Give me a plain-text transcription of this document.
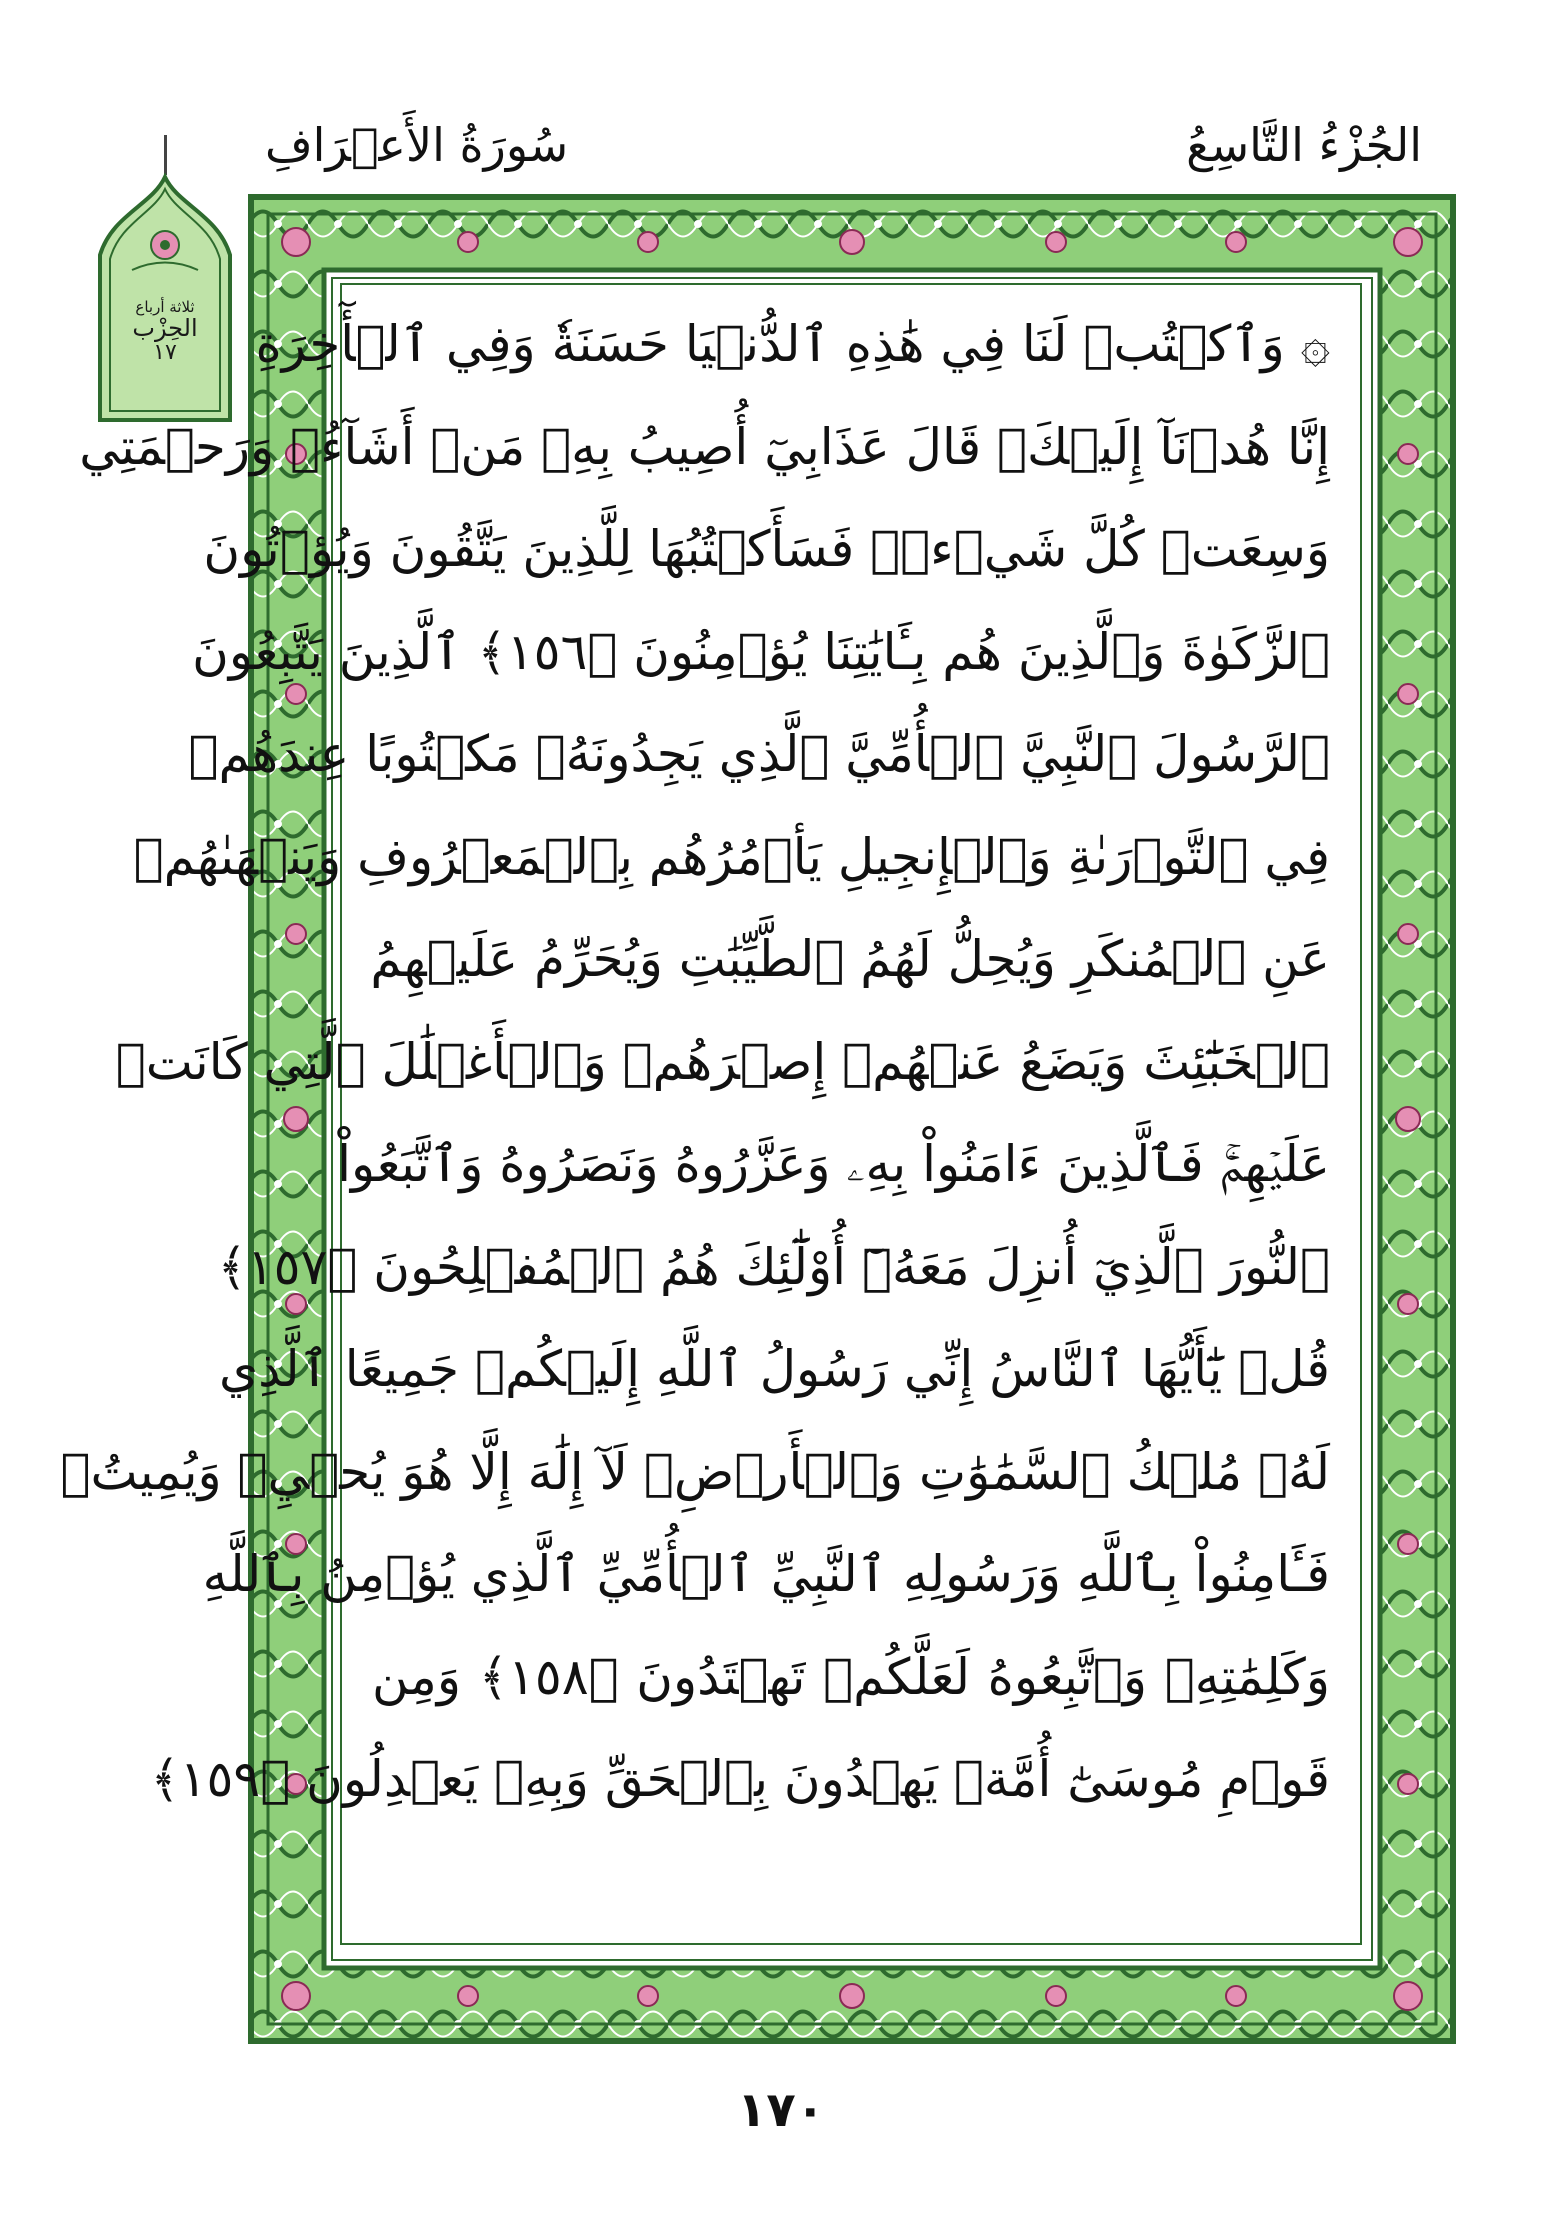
الجُزْءُ التَّاسِعُ
سُورَةُ الأَعۡرَافِ
ثلاثة أرباع
الحِزْب
١٧	۞ وَٱكۡتُبۡ لَنَا فِي هَٰذِهِ ٱلدُّنۡيَا حَسَنَةٗ وَفِي ٱلۡأٓخِرَةِ
إِنَّا هُدۡنَآ إِلَيۡكَۚ قَالَ عَذَابِيٓ أُصِيبُ بِهِۦ مَنۡ أَشَآءُۖ وَرَحۡمَتِي
وَسِعَتۡ كُلَّ شَيۡءٖۚ فَسَأَكۡتُبُهَا لِلَّذِينَ يَتَّقُونَ وَيُؤۡتُونَ
ٱلزَّكَوٰةَ وَٱلَّذِينَ هُم بِـَٔايَٰتِنَا يُؤۡمِنُونَ ﴿١٥٦﴾ ٱلَّذِينَ يَتَّبِعُونَ
ٱلرَّسُولَ ٱلنَّبِيَّ ٱلۡأُمِّيَّ ٱلَّذِي يَجِدُونَهُۥ مَكۡتُوبًا عِندَهُمۡ
فِي ٱلتَّوۡرَىٰةِ وَٱلۡإِنجِيلِ يَأۡمُرُهُم بِٱلۡمَعۡرُوفِ وَيَنۡهَىٰهُمۡ
عَنِ ٱلۡمُنكَرِ وَيُحِلُّ لَهُمُ ٱلطَّيِّبَٰتِ وَيُحَرِّمُ عَلَيۡهِمُ
ٱلۡخَبَٰٓئِثَ وَيَضَعُ عَنۡهُمۡ إِصۡرَهُمۡ وَٱلۡأَغۡلَٰلَ ٱلَّتِي كَانَتۡ
عَلَيۡهِمۡۚ فَٱلَّذِينَ ءَامَنُواْ بِهِۦ وَعَزَّرُوهُ وَنَصَرُوهُ وَٱتَّبَعُواْ
ٱلنُّورَ ٱلَّذِيٓ أُنزِلَ مَعَهُۥٓ أُوْلَٰٓئِكَ هُمُ ٱلۡمُفۡلِحُونَ ﴿١٥٧﴾
قُلۡ يَٰٓأَيُّهَا ٱلنَّاسُ إِنِّي رَسُولُ ٱللَّهِ إِلَيۡكُمۡ جَمِيعًا ٱلَّذِي
لَهُۥ مُلۡكُ ٱلسَّمَٰوَٰتِ وَٱلۡأَرۡضِۖ لَآ إِلَٰهَ إِلَّا هُوَ يُحۡيِۦ وَيُمِيتُۖ
فَـَٔامِنُواْ بِٱللَّهِ وَرَسُولِهِ ٱلنَّبِيِّ ٱلۡأُمِّيِّ ٱلَّذِي يُؤۡمِنُ بِٱللَّهِ
وَكَلِمَٰتِهِۦ وَٱتَّبِعُوهُ لَعَلَّكُمۡ تَهۡتَدُونَ ﴿١٥٨﴾ وَمِن
قَوۡمِ مُوسَىٰٓ أُمَّةٞ يَهۡدُونَ بِٱلۡحَقِّ وَبِهِۦ يَعۡدِلُونَ ﴿١٥٩﴾
١٧٠
